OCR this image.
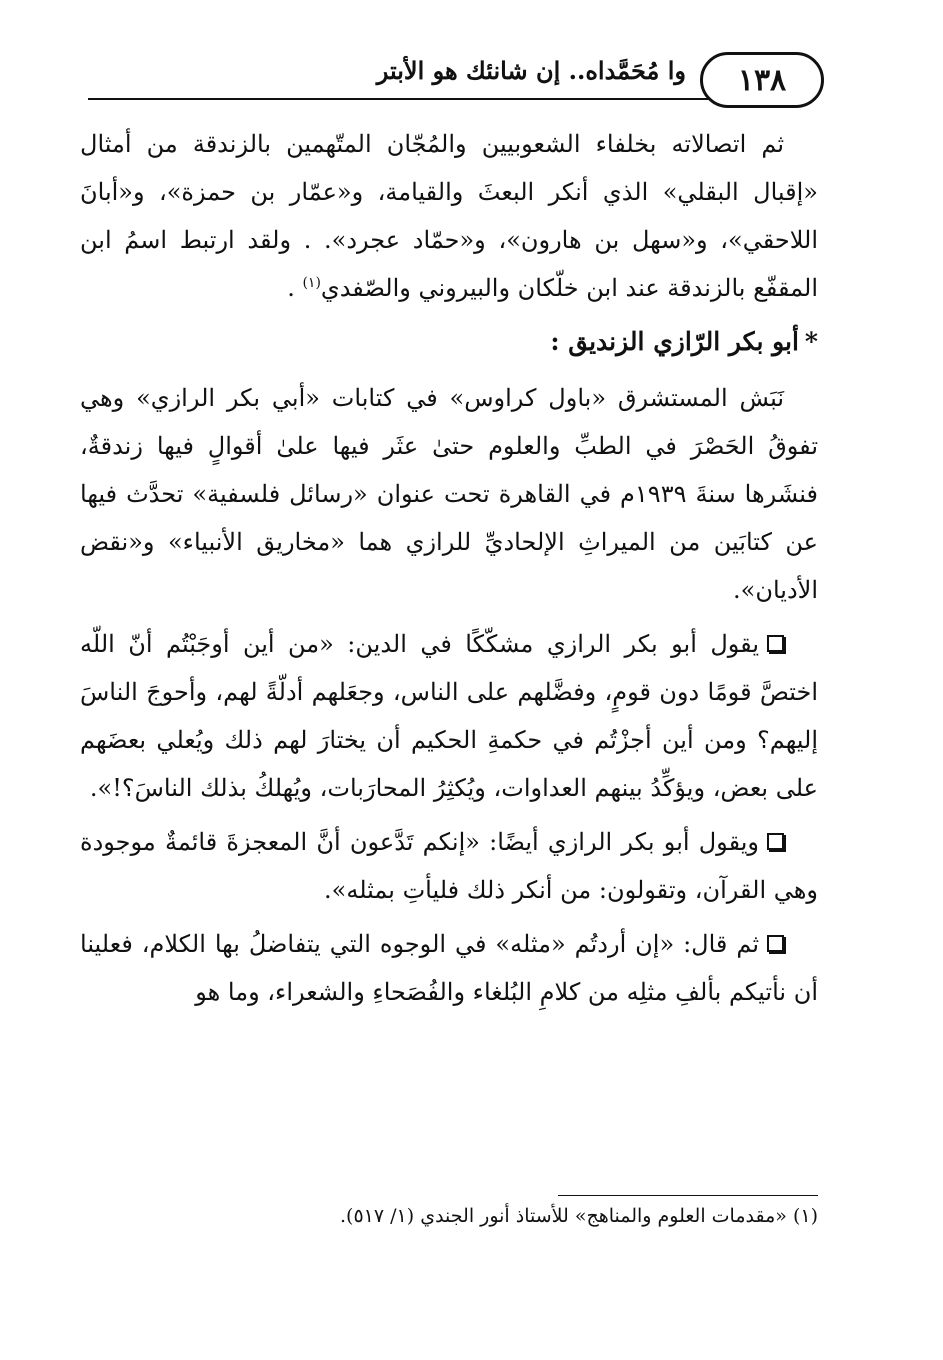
١٣٨
وا مُحَمَّداه.. إن شانئك هو الأبتر

ثم اتصالاته بخلفاء الشعوبيين والمُجّان المتّهمين بالزندقة من أمثال «إقبال البقلي» الذي أنكر البعثَ والقيامة، و«عمّار بن حمزة»، و«أبانَ اللاحقي»، و«سهل بن هارون»، و«حمّاد عجرد». . ولقد ارتبط اسمُ ابن المقفّع بالزندقة عند ابن خلّكان والبيروني والصّفدي$^{(١)}$ .

*أبو بكر الرّازي الزنديق :

نَبَش المستشرق «باول كراوس» في كتابات «أبي بكر الرازي» وهي تفوقُ الحَصْرَ في الطبِّ والعلوم حتىٰ عثَر فيها علىٰ أقوالٍ فيها زندقةٌ، فنشَرها سنةَ ١٩٣٩م في القاهرة تحت عنوان «رسائل فلسفية» تحدَّث فيها عن كتابَين من الميراثِ الإلحاديِّ للرازي هما «مخاريق الأنبياء» و«نقض الأديان».

يقول أبو بكر الرازي مشكّكًا في الدين: «من أين أوجَبْتُم أنّ اللّه اختصَّ قومًا دون قومٍ، وفضَّلهم على الناس، وجعَلهم أدلّةً لهم، وأحوجَ الناسَ إليهم؟ ومن أين أجزْتُم في حكمةِ الحكيم أن يختارَ لهم ذلك ويُعلي بعضَهم على بعض، ويؤكِّدُ بينهم العداوات، ويُكثِرُ المحارَبات، ويُهلكُ بذلك الناسَ؟!».

ويقول أبو بكر الرازي أيضًا: «إنكم تَدَّعون أنَّ المعجزةَ قائمةٌ موجودة وهي القرآن، وتقولون: من أنكر ذلك فليأتِ بمثله».

ثم قال: «إن أردتُم «مثله» في الوجوه التي يتفاضلُ بها الكلام، فعلينا أن نأتيكم بألفِ مثلِه من كلامِ البُلغاء والفُصَحاءِ والشعراء، وما هو

(١) «مقدمات العلوم والمناهج» للأستاذ أنور الجندي (١/ ٥١٧).
